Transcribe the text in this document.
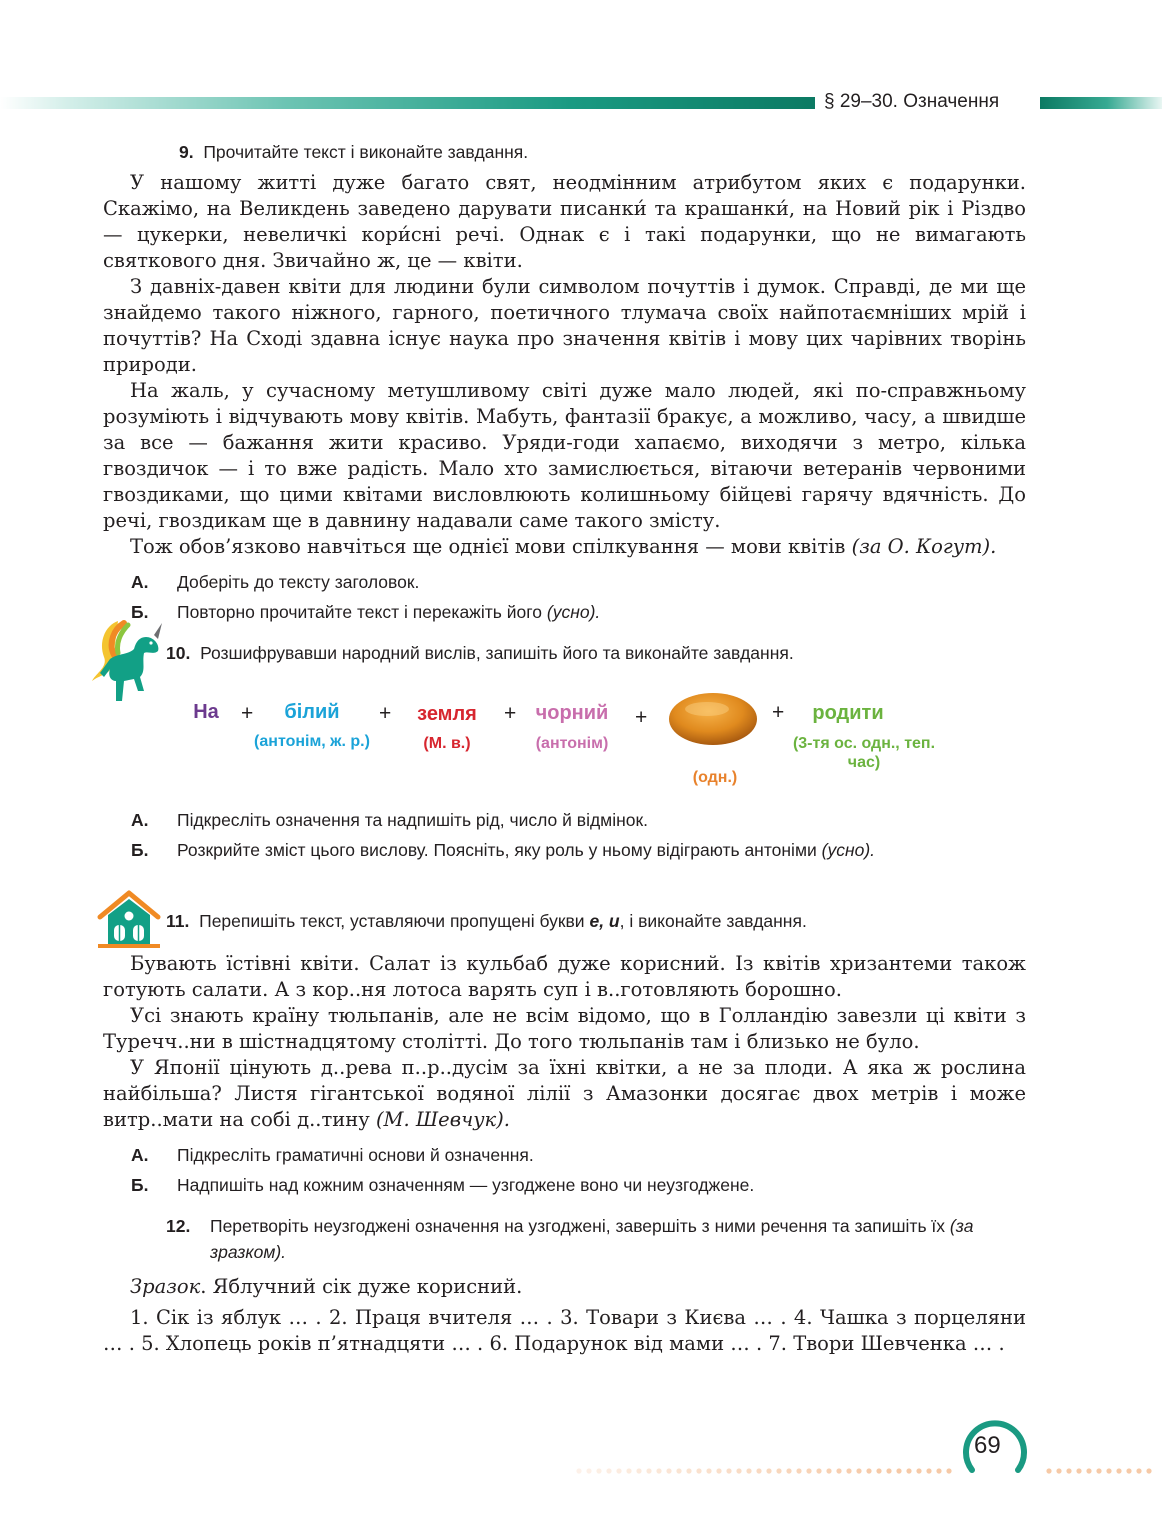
§ 29–30. Означення
9. Прочитайте текст і виконайте завдання.
У нашому житті дуже багато свят, неодмінним атрибутом яких є подарунки. Скажімо, на Великдень заведено дарувати писанки́ та крашанки́, на Новий рік і Різдво — цукерки, невеличкі кори́сні речі. Однак є і такі подарунки, що не вимагають святкового дня. Звичайно ж, це — квіти.
З давніх-давен квіти для людини були символом почуттів і думок. Справді, де ми ще знайдемо такого ніжного, гарного, поетичного тлумача своїх найпотаємніших мрій і почуттів? На Сході здавна існує наука про значення квітів і мову цих чарівних творінь природи.
На жаль, у сучасному метушливому світі дуже мало людей, які по-справжньому розуміють і відчувають мову квітів. Мабуть, фантазії бракує, а можливо, часу, а швидше за все — бажання жити красиво. Уряди-годи хапаємо, виходячи з метро, кілька гвоздичок — і то вже радість. Мало хто замислюється, вітаючи ветеранів червоними гвоздиками, що цими квітами висловлюють колишньому бійцеві гарячу вдячність. До речі, гвоздикам ще в давнину надавали саме такого змісту.
Тож обов’язково навчіться ще однієї мови спілкування — мови квітів (за О. Когут).
А. Доберіть до тексту заголовок.
Б. Повторно прочитайте текст і перекажіть його (усно).
10. Розшифрувавши народний вислів, запишіть його та виконайте завдання.
На	+	білий
(антонім, ж. р.)
+	земля
(М. в.)
+ чорний
(антонім)
+
(одн.)
+	родити
(3-тя ос. одн., теп. час)
А. Підкресліть означення та надпишіть рід, число й відмінок.
Б. Розкрийте зміст цього вислову. Поясніть, яку роль у ньому відіграють антоніми (усно).
11. Перепишіть текст, уставляючи пропущені букви е, и, і виконайте завдання.
Бувають їстівні квіти. Салат із кульбаб дуже корисний. Із квітів хризантеми також готують салати. А з кор..ня лотоса варять суп і в..готовляють борошно.
Усі знають країну тюльпанів, але не всім відомо, що в Голландію завезли ці квіти з Туречч..ни в шістнадцятому столітті. До того тюльпанів там і близько не було.
У Японії цінують д..рева п..р..дусім за їхні квітки, а не за плоди. А яка ж рослина найбільша? Листя гігантської водяної лілії з Амазонки досягає двох метрів і може витр..мати на собі д..тину (М. Шевчук).
А. Підкресліть граматичні основи й означення.
Б. Надпишіть над кожним означенням — узгоджене воно чи неузгоджене.
12. Перетворіть неузгоджені означення на узгоджені, завершіть з ними речення та запишіть їх (за зразком).
Зразок. Яблучний сік дуже корисний.
1. Сік із яблук … . 2. Праця вчителя … . 3. Товари з Києва … . 4. Чашка з порцеляни … . 5. Хлопець років п’ятнадцяти … . 6. Подарунок від мами … . 7. Твори Шевченка … .
69
